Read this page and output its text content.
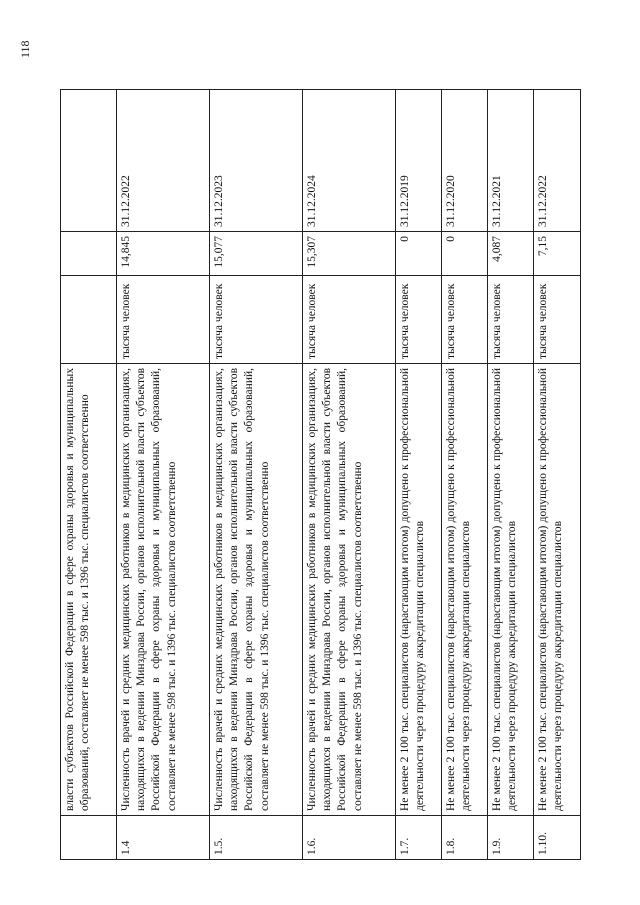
118
	власти субъектов Российской Федерации в сфере охраны здоровья и муниципальных образований, составляет не менее 598 тыс. и 1396 тыс. специалистов соответственно			
1.4	Численность врачей и средних медицинских работников в медицинских организациях, находящихся в ведении Минздрава России, органов исполнительной власти субъектов Российской Федерации в сфере охраны здоровья и муниципальных образований, составляет не менее 598 тыс. и 1396 тыс. специалистов соответственно	тысяча человек	14,845	31.12.2022
1.5.	Численность врачей и средних медицинских работников в медицинских организациях, находящихся в ведении Минздрава России, органов исполнительной власти субъектов Российской Федерации в сфере охраны здоровья и муниципальных образований, составляет не менее 598 тыс. и 1396 тыс. специалистов соответственно	тысяча человек	15,077	31.12.2023
1.6.	Численность врачей и средних медицинских работников в медицинских организациях, находящихся в ведении Минздрава России, органов исполнительной власти субъектов Российской Федерации в сфере охраны здоровья и муниципальных образований, составляет не менее 598 тыс. и 1396 тыс. специалистов соответственно	тысяча человек	15,307	31.12.2024
1.7.	Не менее 2 100 тыс. специалистов (нарастающим итогом) допущено к профессиональной деятельности через процедуру аккредитации специалистов	тысяча человек	0	31.12.2019
1.8.	Не менее 2 100 тыс. специалистов (нарастающим итогом) допущено к профессиональной деятельности через процедуру аккредитации специалистов	тысяча человек	0	31.12.2020
1.9.	Не менее 2 100 тыс. специалистов (нарастающим итогом) допущено к профессиональной деятельности через процедуру аккредитации специалистов	тысяча человек	4,087	31.12.2021
1.10.	Не менее 2 100 тыс. специалистов (нарастающим итогом) допущено к профессиональной деятельности через процедуру аккредитации специалистов	тысяча человек	7,15	31.12.2022
